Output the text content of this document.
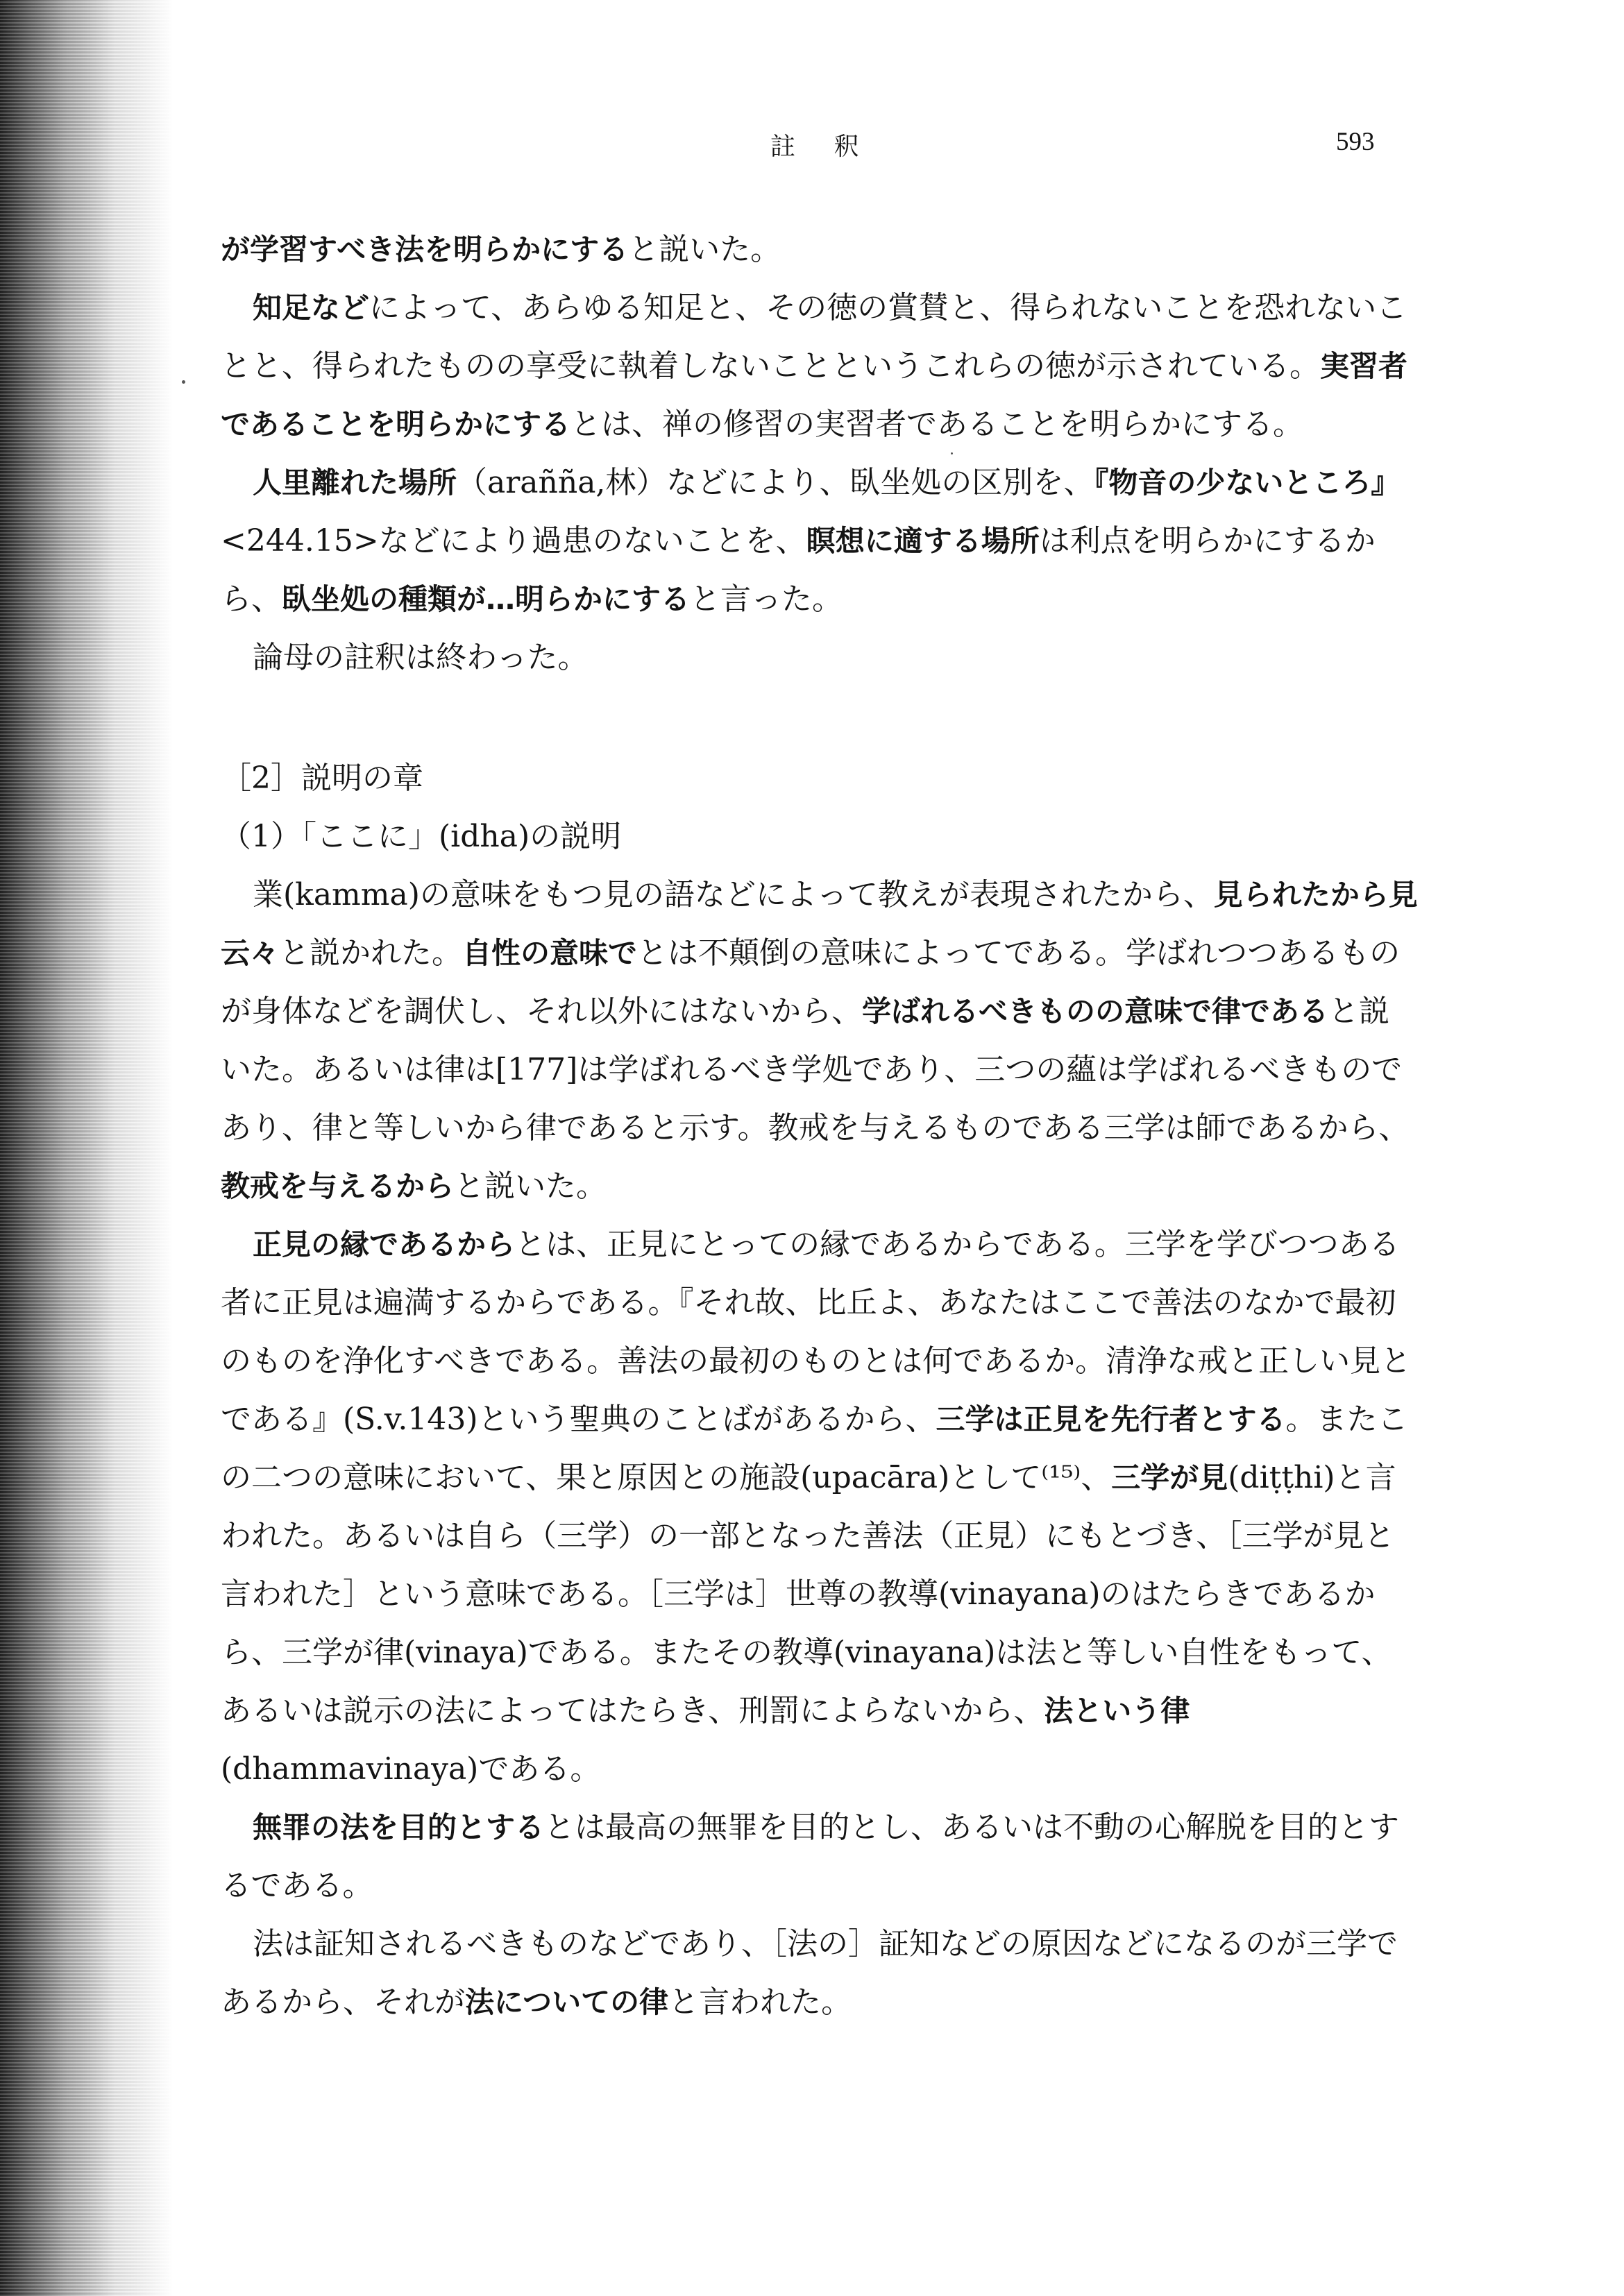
註 釈	593

が学習すべき法を明らかにすると説いた。

知足などによって、あらゆる知足と、その徳の賞賛と、得られないことを恐れないことと、得られたものの享受に執着しないことというこれらの徳が示されている。実習者であることを明らかにするとは、禅の修習の実習者であることを明らかにする。

人里離れた場所（arañña,林）などにより、臥坐処の区別を、『物音の少ないところ』<244.15>などにより過患のないことを、瞑想に適する場所は利点を明らかにするから、臥坐処の種類が…明らかにすると言った。

論母の註釈は終わった。

［2］説明の章

（1）「ここに」(idha)の説明

業(kamma)の意味をもつ見の語などによって教えが表現されたから、見られたから見云々と説かれた。自性の意味でとは不顛倒の意味によってである。学ばれつつあるものが身体などを調伏し、それ以外にはないから、学ばれるべきものの意味で律であると説いた。あるいは律は[177]は学ばれるべき学処であり、三つの蘊は学ばれるべきものであり、律と等しいから律であると示す。教戒を与えるものである三学は師であるから、教戒を与えるからと説いた。

正見の縁であるからとは、正見にとっての縁であるからである。三学を学びつつある者に正見は遍満するからである。『それ故、比丘よ、あなたはここで善法のなかで最初のものを浄化すべきである。善法の最初のものとは何であるか。清浄な戒と正しい見とである』(S.v.143)という聖典のことばがあるから、三学は正見を先行者とする。またこの二つの意味において、果と原因との施設(upacāra)として⁽¹⁵⁾、三学が見(diṭṭhi)と言われた。あるいは自ら（三学）の一部となった善法（正見）にもとづき、［三学が見と言われた］という意味である。［三学は］世尊の教導(vinayana)のはたらきであるから、三学が律(vinaya)である。またその教導(vinayana)は法と等しい自性をもって、あるいは説示の法によってはたらき、刑罰によらないから、法という律(dhammavinaya)である。

無罪の法を目的とするとは最高の無罪を目的とし、あるいは不動の心解脱を目的とするである。

法は証知されるべきものなどであり、［法の］証知などの原因などになるのが三学であるから、それが法についての律と言われた。
